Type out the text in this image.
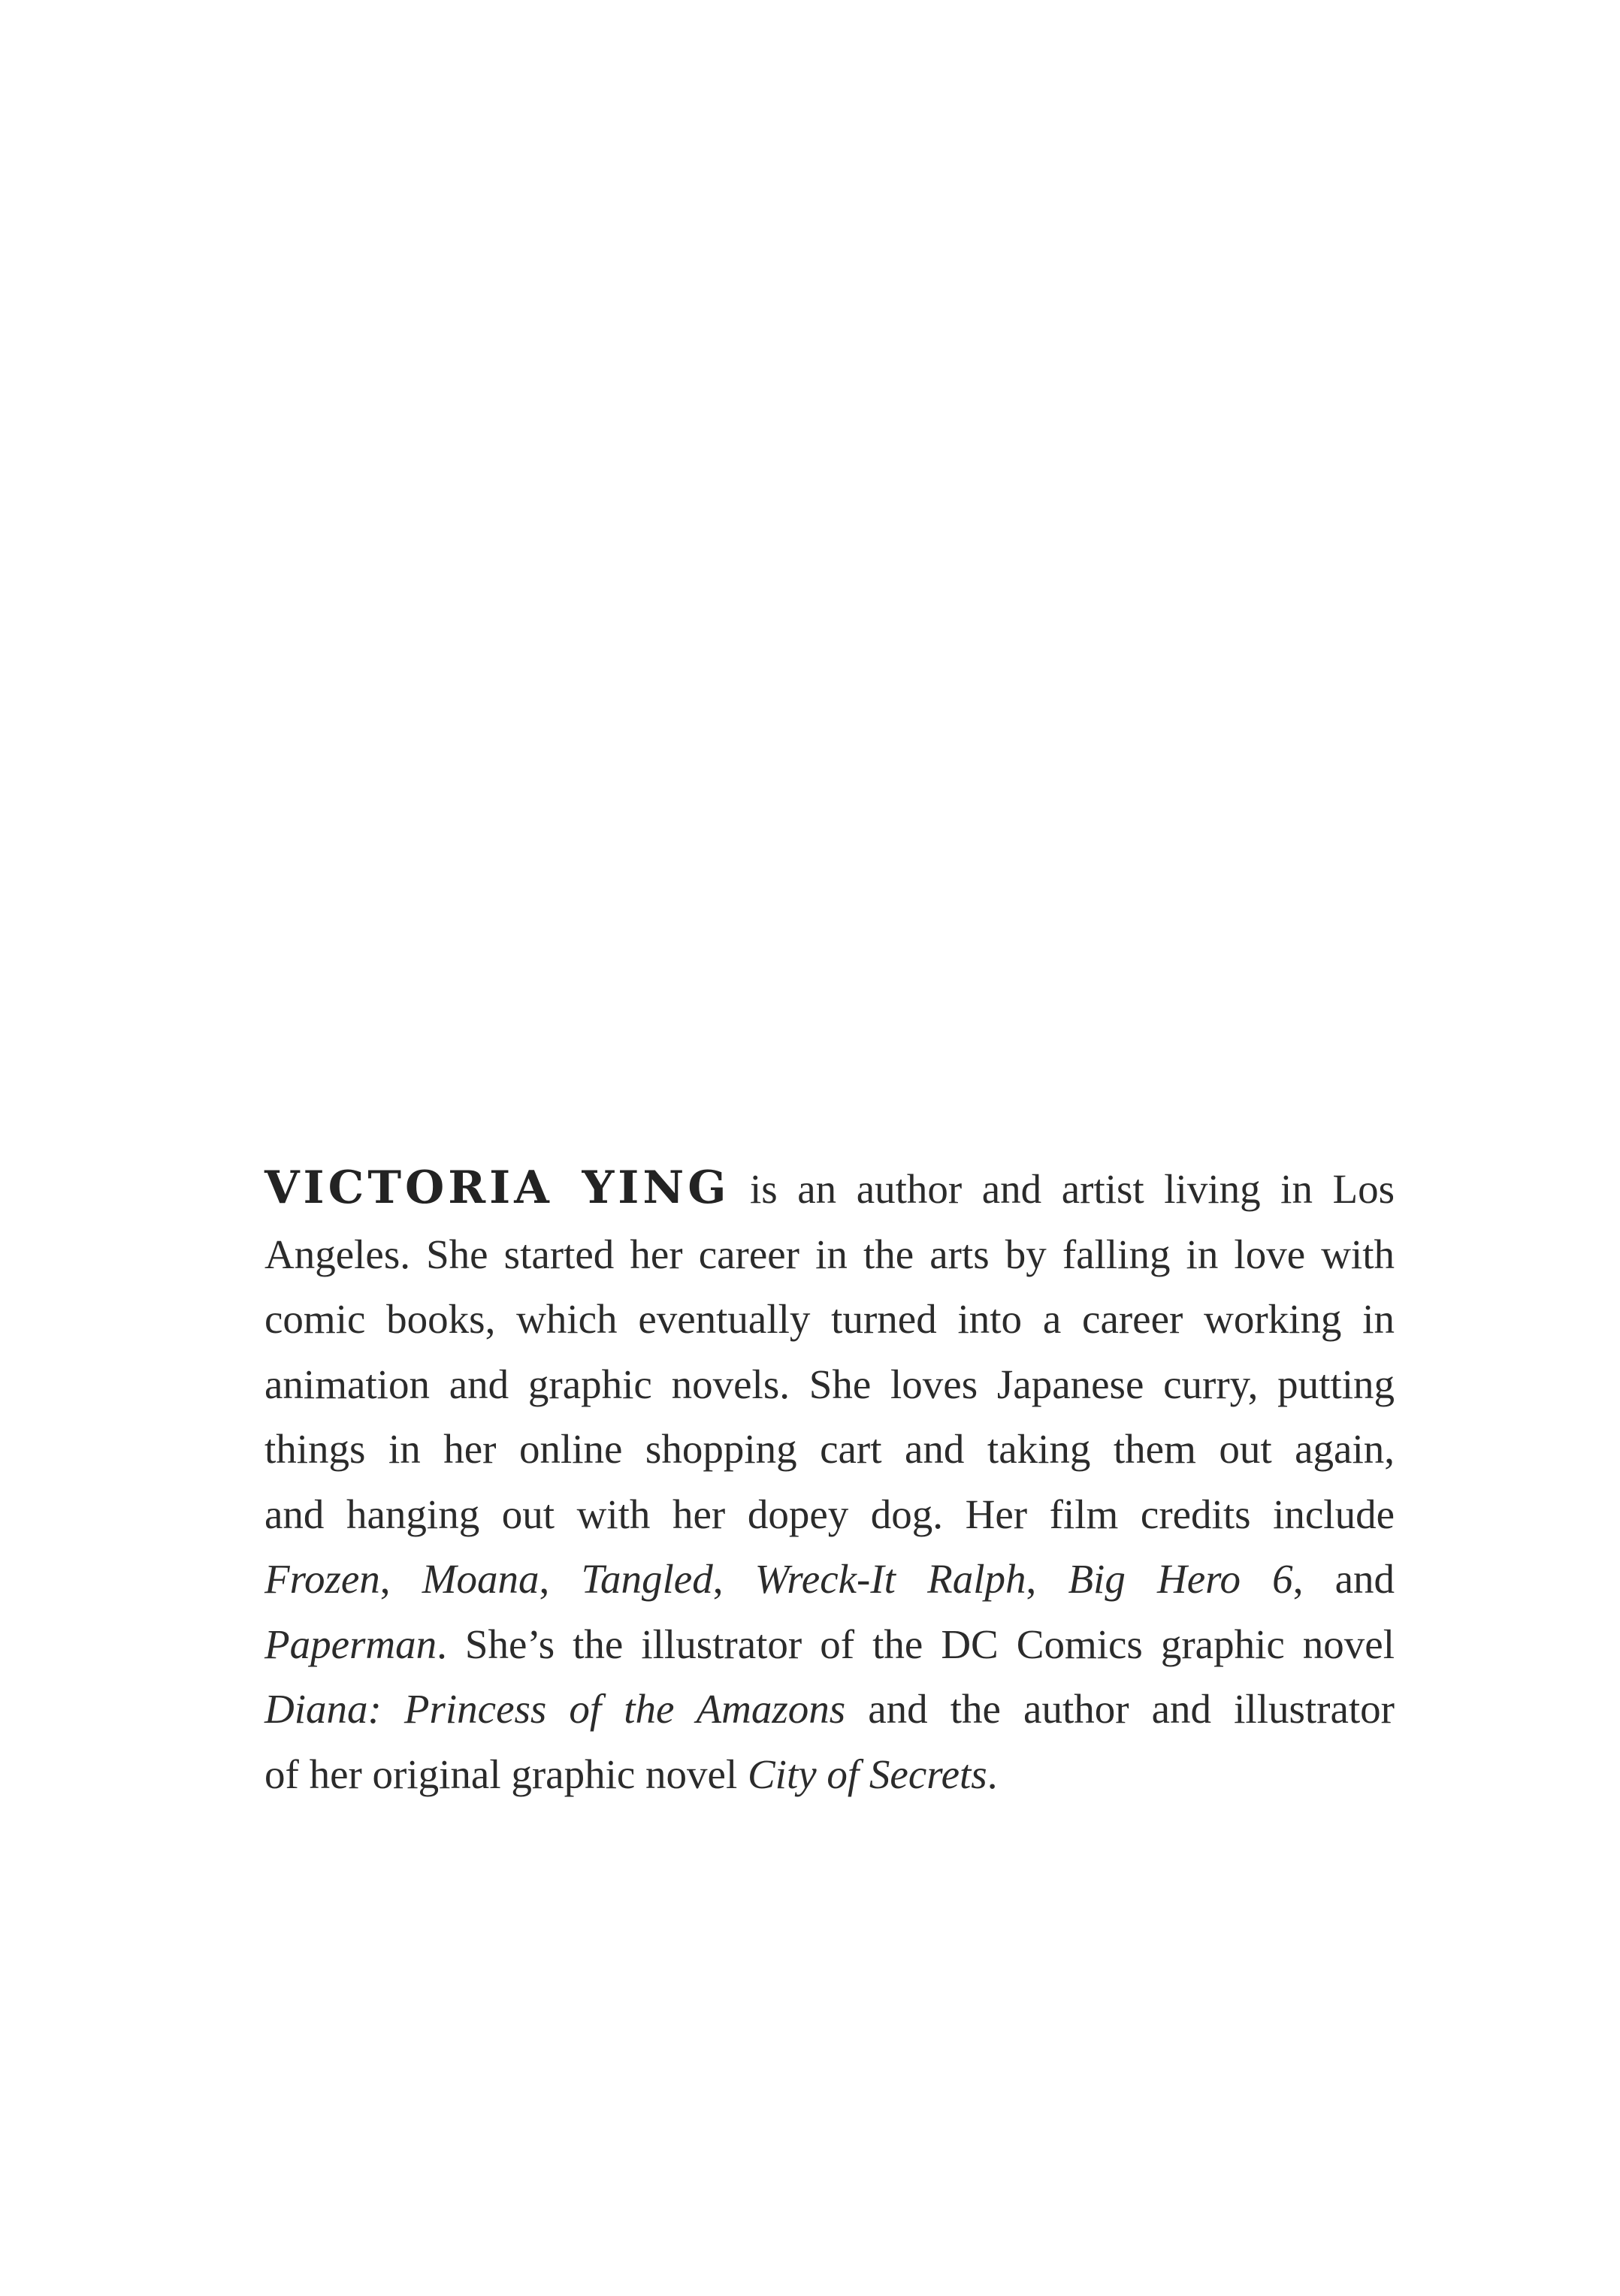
VICTORIA YING is an author and artist living in Los
Angeles. She started her career in the arts by falling in love with
comic books, which eventually turned into a career working in
animation and graphic novels. She loves Japanese curry, putting
things in her online shopping cart and taking them out again,
and hanging out with her dopey dog. Her film credits include
Frozen, Moana, Tangled, Wreck-It Ralph, Big Hero 6, and
Paperman. She’s the illustrator of the DC Comics graphic novel
Diana: Princess of the Amazons and the author and illustrator
of her original graphic novel City of Secrets.
